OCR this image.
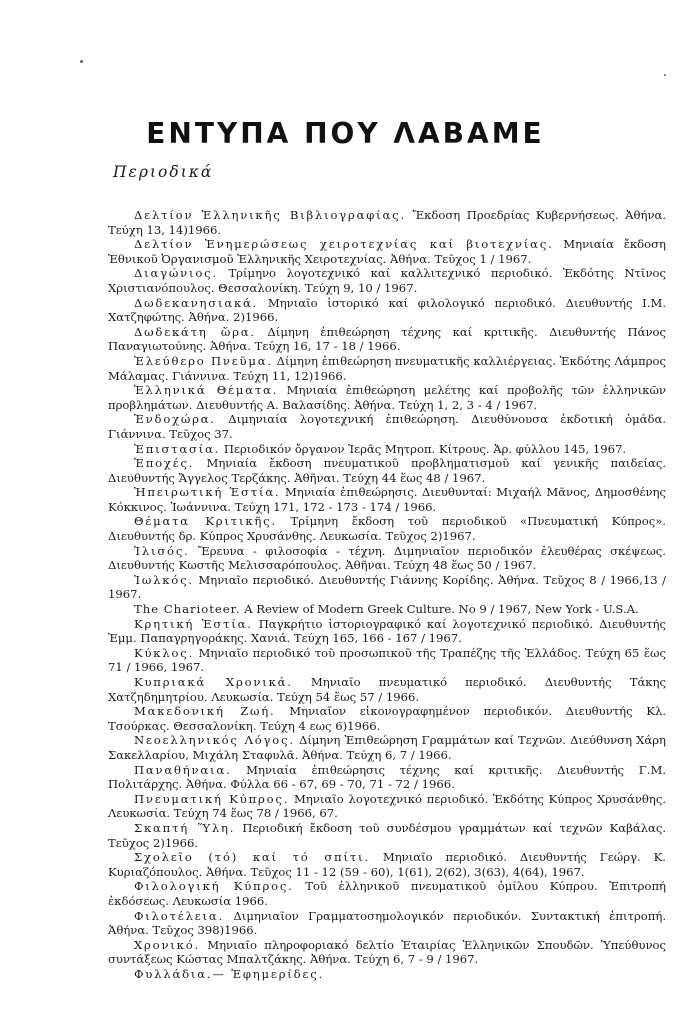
ΕΝΤΥΠΑ ΠΟΥ ΛΑΒΑΜΕ
Περιοδικά

Δελτίον Ἑλληνικῆς Βιβλιογραφίας. Ἔκδοση Προεδρίας Κυβερνήσεως. Ἀθήνα. Τεύχη 13, 14)1966.

Δελτίον Ἐνημερώσεως χειροτεχνίας καί βιοτεχνίας. Μηνιαία ἔκδοση Ἐθνικοῦ Ὀργανισμοῦ Ἑλληνικῆς Χειροτεχνίας. Ἀθήνα. Τεῦχος 1 / 1967.

Διαγώνιος. Τρίμηνο λογοτεχνικό καί καλλιτεχνικό περιοδικό. Ἐκδότης Ντῖνος Χριστιανόπουλος. Θεσσαλονίκη. Τεύχη 9, 10 / 1967.

Δωδεκανησιακά. Μηνιαῖο ἱστορικό καί φιλολογικό περιοδικό. Διευθυντής Ι.Μ. Χατζηφώτης. Ἀθήνα. 2)1966.

Δωδεκάτη ὥρα. Δίμηνη ἐπιθεώρηση τέχνης καί κριτικῆς. Διευθυντής Πάνος Παναγιωτούνης. Ἀθήνα. Τεύχη 16, 17 - 18 / 1966.

Ἐλεύθερο Πνεῦμα. Δίμηνη ἐπιθεώρηση πνευματικῆς καλλιέργειας. Ἐκδότης Λάμπρος Μάλαμας. Γιάννινα. Τεύχη 11, 12)1966.

Ἑλληνικά Θέματα. Μηνιαία ἐπιθεώρηση μελέτης καί προβολῆς τῶν ἑλληνικῶν προβλημάτων. Διευθυντής Α. Βαλασίδης. Ἀθήνα. Τεύχη 1, 2, 3 - 4 / 1967.

Ἐνδοχώρα. Διμηνιαία λογοτεχνική ἐπιθεώρηση. Διευθύνουσα ἐκδοτική ὁμάδα. Γιάννινα. Τεῦχος 37.

Ἐπιστασία. Περιοδικόν ὄργανον Ἱερᾶς Μητροπ. Κίτρους. Ἀρ. φύλλου 145, 1967.

Ἐποχές. Μηνιαία ἔκδοση πνευματικοῦ προβληματισμοῦ καί γενικῆς παιδείας. Διευθυντής Ἄγγελος Τερζάκης. Ἀθῆναι. Τεύχη 44 ἕως 48 / 1967.

Ἠπειρωτική Ἑστία. Μηνιαία ἐπιθεώρησις. Διευθυνταί: Μιχαήλ Μᾶνος, Δημοσθένης Κόκκινος. Ἰωάννινα. Τεύχη 171, 172 - 173 - 174 / 1966.

Θέματα Κριτικῆς. Τρίμηνη ἔκδοση τοῦ περιοδικοῦ «Πνευματική Κύπρος». Διευθυντής δρ. Κύπρος Χρυσάνθης. Λευκωσία. Τεῦχος 2)1967.

Ἰλισός. Ἔρευνα - φιλοσοφία - τέχνη. Διμηνιαῖον περιοδικόν ἐλευθέρας σκέψεως. Διευθυντής Κωστῆς Μελισσαρόπουλος. Ἀθῆναι. Τεύχη 48 ἕως 50 / 1967.

Ἰωλκός. Μηνιαῖο περιοδικό. Διευθυντής Γιάννης Κορίδης. Ἀθήνα. Τεῦχος 8 / 1966,13 / 1967.

The Charioteer. A Review of Modern Greek Culture. No 9 / 1967, New York - U.S.A.

Κρητική Ἑστία. Παγκρήτιο ἱστοριογραφικό καί λογοτεχνικό περιοδικό. Διευθυντής Ἐμμ. Παπαγρηγοράκης. Χανιά. Τεύχη 165, 166 - 167 / 1967.

Κύκλος. Μηνιαῖο περιοδικό τοῦ προσωπικοῦ τῆς Τραπέζης τῆς Ἑλλάδος. Τεύχη 65 ἕως 71 / 1966, 1967.

Κυπριακά Χρονικά. Μηνιαῖο πνευματικό περιοδικό. Διευθυντής Τάκης Χατζηδημητρίου. Λευκωσία. Τεύχη 54 ἕως 57 / 1966.

Μακεδονική Ζωή. Μηνιαῖον εἰκονογραφημένον περιοδικόν. Διευθυντής Κλ. Τσούρκας. Θεσσαλονίκη. Τεύχη 4 εως 6)1966.

Νεοελληνικός Λόγος. Δίμηνη Ἐπιθεώρηση Γραμμάτων καί Τεχνῶν. Διεύθυνση Χάρη Σακελλαρίου, Μιχάλη Σταφυλᾶ. Ἀθήνα. Τεύχη 6, 7 / 1966.

Παναθήναια. Μηνιαία ἐπιθεώρησις τέχνης καί κριτικῆς. Διευθυντής Γ.Μ. Πολιτάρχης. Ἀθήνα. Φύλλα 66 - 67, 69 - 70, 71 - 72 / 1966.

Πνευματική Κύπρος. Μηνιαῖο λογοτεχνικό περιοδικό. Ἐκδότης Κύπρος Χρυσάνθης. Λευκωσία. Τεύχη 74 ἕως 78 / 1966, 67.

Σκαπτή Ὕλη. Περιοδική ἔκδοση τοῦ συνδέσμου γραμμάτων καί τεχνῶν Καβάλας. Τεῦχος 2)1966.

Σχολεῖο (τό) καί τό σπίτι. Μηνιαῖο περιοδικό. Διευθυντής Γεώργ. Κ. Κυριαζόπουλος. Ἀθήνα. Τεῦχος 11 - 12 (59 - 60), 1(61), 2(62), 3(63), 4(64), 1967.

Φιλολογική Κύπρος. Τοῦ ἑλληνικοῦ πνευματικοῦ ὁμίλου Κύπρου. Ἐπιτροπή ἐκδόσεως. Λευκωσία 1966.

Φιλοτέλεια. Διμηνιαῖον Γραμματοσημολογικόν περιοδικόν. Συντακτική ἐπιτροπή. Ἀθήνα. Τεῦχος 398)1966.

Χρονικό. Μηνιαῖο πληροφοριακό δελτίο Ἑταιρίας Ἑλληνικῶν Σπουδῶν. Ὑπεύθυνος συντάξεως Κώστας Μπαλτζάκης. Ἀθήνα. Τεύχη 6, 7 - 9 / 1967.

Φυλλάδια.— Ἐφημερίδες.
